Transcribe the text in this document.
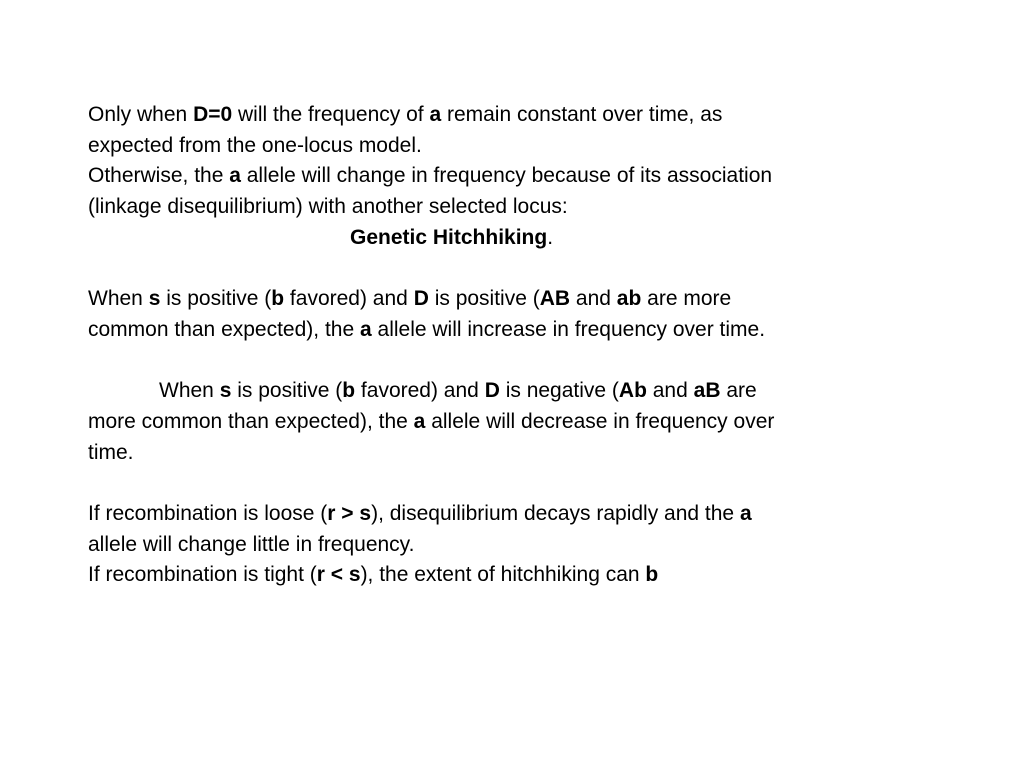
Only when D=0 will the frequency of a remain constant over time, as
expected from the one-locus model.
Otherwise, the a allele will change in frequency because of its association
(linkage disequilibrium) with another selected locus:
Genetic Hitchhiking.
When s is positive (b favored) and D is positive (AB and ab are more
common than expected), the a allele will increase in frequency over time.
When s is positive (b favored) and D is negative (Ab and aB are
more common than expected), the a allele will decrease in frequency over
time.
If recombination is loose (r > s), disequilibrium decays rapidly and the a
allele will change little in frequency.
If recombination is tight (r < s), the extent of hitchhiking can b
